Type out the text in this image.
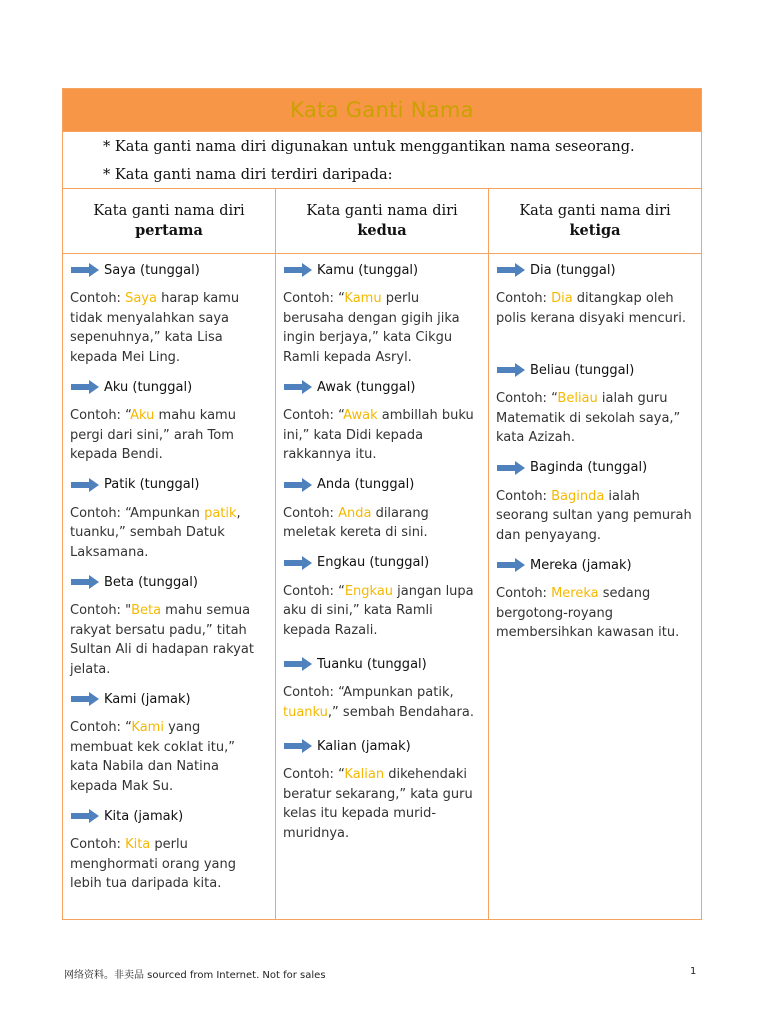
Kata Ganti Nama

* Kata ganti nama diri digunakan untuk menggantikan nama seseorang.

* Kata ganti nama diri terdiri daripada:

Kata ganti nama diri
pertama
Saya (tunggal)
Contoh: Saya harap kamu tidak menyalahkan saya sepenuhnya,” kata Lisa kepada Mei Ling.
Aku (tunggal)
Contoh: “Aku mahu kamu pergi dari sini,” arah Tom kepada Bendi.
Patik (tunggal)
Contoh: “Ampunkan patik, tuanku,” sembah Datuk Laksamana.
Beta (tunggal)
Contoh: "Beta mahu semua rakyat bersatu padu,” titah Sultan Ali di hadapan rakyat jelata.
Kami (jamak)
Contoh: “Kami yang membuat kek coklat itu,” kata Nabila dan Natina kepada Mak Su.
Kita (jamak)
Contoh: Kita perlu menghormati orang yang lebih tua daripada kita.
Kata ganti nama diri
kedua
Kamu (tunggal)
Contoh: “Kamu perlu berusaha dengan gigih jika ingin berjaya,” kata Cikgu Ramli kepada Asryl.
Awak (tunggal)
Contoh: “Awak ambillah buku ini,” kata Didi kepada rakkannya itu.
Anda (tunggal)
Contoh: Anda dilarang meletak kereta di sini.
Engkau (tunggal)
Contoh: “Engkau jangan lupa aku di sini,” kata Ramli kepada Razali.
Tuanku (tunggal)
Contoh: “Ampunkan patik, tuanku,” sembah Bendahara.
Kalian (jamak)
Contoh: “Kalian dikehendaki beratur sekarang,” kata guru kelas itu kepada murid-muridnya.
Kata ganti nama diri
ketiga
Dia (tunggal)
Contoh: Dia ditangkap oleh polis kerana disyaki mencuri.
Beliau (tunggal)
Contoh: “Beliau ialah guru Matematik di sekolah saya,” kata Azizah.
Baginda (tunggal)
Contoh: Baginda ialah seorang sultan yang pemurah dan penyayang.
Mereka (jamak)
Contoh: Mereka sedang bergotong-royang membersihkan kawasan itu.
网络资料。非卖品 sourced from Internet. Not for sales	1
